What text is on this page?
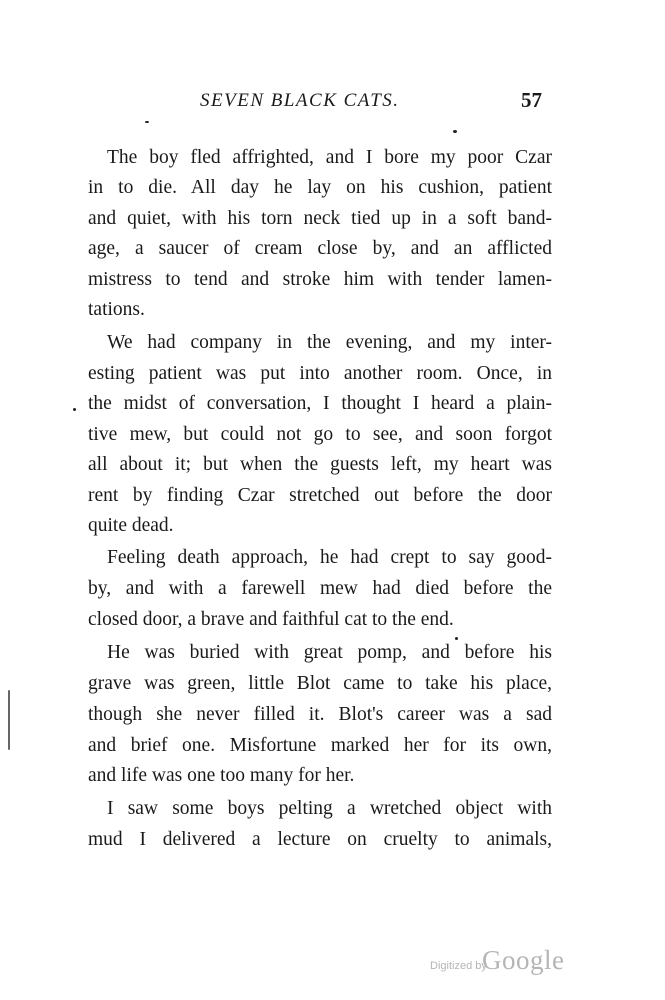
SEVEN BLACK CATS.	57
The boy fled affrighted, and I bore my poor Czar
in to die. All day he lay on his cushion, patient
and quiet, with his torn neck tied up in a soft band-
age, a saucer of cream close by, and an afflicted
mistress to tend and stroke him with tender lamen-
tations.
We had company in the evening, and my inter-
esting patient was put into another room. Once, in
the midst of conversation, I thought I heard a plain-
tive mew, but could not go to see, and soon forgot
all about it; but when the guests left, my heart was
rent by finding Czar stretched out before the door
quite dead.
Feeling death approach, he had crept to say good-
by, and with a farewell mew had died before the
closed door, a brave and faithful cat to the end.
He was buried with great pomp, and before his
grave was green, little Blot came to take his place,
though she never filled it. Blot's career was a sad
and brief one. Misfortune marked her for its own,
and life was one too many for her.
I saw some boys pelting a wretched object with
mud I delivered a lecture on cruelty to animals,
Digitized by
Google
